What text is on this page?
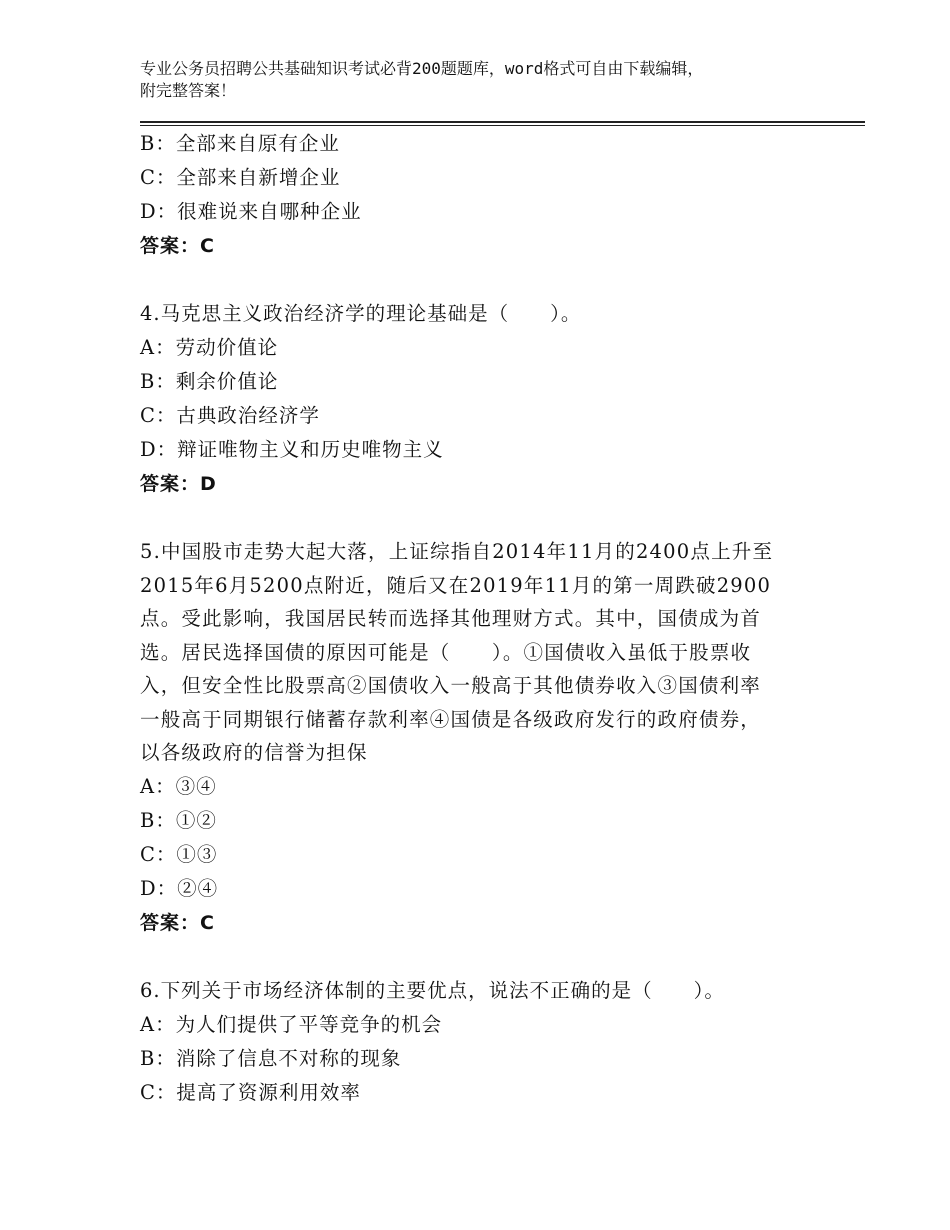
专业公务员招聘公共基础知识考试必背200题题库，word格式可自由下载编辑，
附完整答案！
B：全部来自原有企业
C：全部来自新增企业
D：很难说来自哪种企业
答案：C
4.马克思主义政治经济学的理论基础是（　　）。
A：劳动价值论
B：剩余价值论
C：古典政治经济学
D：辩证唯物主义和历史唯物主义
答案：D
5.中国股市走势大起大落，上证综指自2014年11月的2400点上升至
2015年6月5200点附近，随后又在2019年11月的第一周跌破2900
点。受此影响，我国居民转而选择其他理财方式。其中，国债成为首
选。居民选择国债的原因可能是（　　）。①国债收入虽低于股票收
入，但安全性比股票高②国债收入一般高于其他债券收入③国债利率
一般高于同期银行储蓄存款利率④国债是各级政府发行的政府债券，
以各级政府的信誉为担保
A：③④
B：①②
C：①③
D：②④
答案：C
6.下列关于市场经济体制的主要优点，说法不正确的是（　　）。
A：为人们提供了平等竞争的机会
B：消除了信息不对称的现象
C：提高了资源利用效率
